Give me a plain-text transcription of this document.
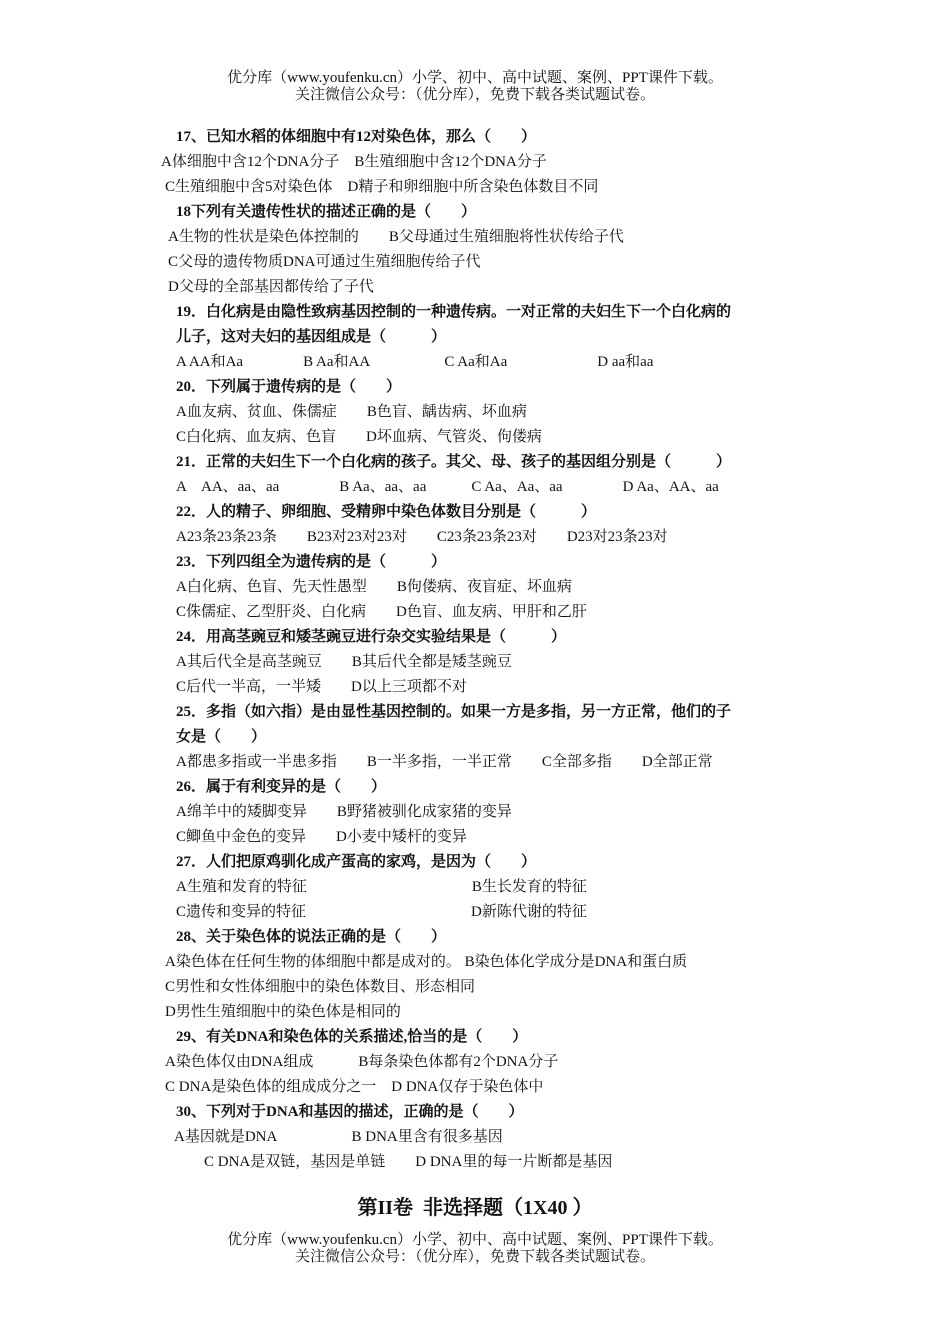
优分库（www.youfenku.cn）小学、初中、高中试题、案例、PPT课件下载。
关注微信公众号：（优分库），免费下载各类试题试卷。
17、已知水稻的体细胞中有12对染色体，那么（　　）
A体细胞中含12个DNA分子　B生殖细胞中含12个DNA分子
C生殖细胞中含5对染色体　D精子和卵细胞中所含染色体数目不同
18下列有关遗传性状的描述正确的是（　　）
A生物的性状是染色体控制的　　B父母通过生殖细胞将性状传给子代
C父母的遗传物质DNA可通过生殖细胞传给子代
D父母的全部基因都传给了子代
19．白化病是由隐性致病基因控制的一种遗传病。一对正常的夫妇生下一个白化病的
儿子，这对夫妇的基因组成是（　　　）
A AA和Aa　　　　B Aa和AA　　　　　C Aa和Aa　　　　　　D aa和aa
20．下列属于遗传病的是（　　）
A血友病、贫血、侏儒症　　B色盲、龋齿病、坏血病
C白化病、血友病、色盲　　D坏血病、气管炎、佝偻病
21．正常的夫妇生下一个白化病的孩子。其父、母、孩子的基因组分别是（　　　）
A　AA、aa、aa　　　　B Aa、aa、aa　　　C Aa、Aa、aa　　　　D Aa、AA、aa
22．人的精子、卵细胞、受精卵中染色体数目分别是（　　　）
A23条23条23条　　B23对23对23对　　C23条23条23对　　D23对23条23对
23．下列四组全为遗传病的是（　　　）
A白化病、色盲、先天性愚型　　B佝偻病、夜盲症、坏血病
C侏儒症、乙型肝炎、白化病　　D色盲、血友病、甲肝和乙肝
24．用高茎豌豆和矮茎豌豆进行杂交实验结果是（　　　）
A其后代全是高茎豌豆　　B其后代全都是矮茎豌豆
C后代一半高，一半矮　　D以上三项都不对
25．多指（如六指）是由显性基因控制的。如果一方是多指，另一方正常，他们的子
女是（　　）
A都患多指或一半患多指　　B一半多指，一半正常　　C全部多指　　D全部正常
26．属于有利变异的是（　　）
A绵羊中的矮脚变异　　B野猪被驯化成家猪的变异
C鲫鱼中金色的变异　　D小麦中矮杆的变异
27．人们把原鸡驯化成产蛋高的家鸡，是因为（　　）
A生殖和发育的特征　　　　　　　　　　　B生长发育的特征
C遗传和变异的特征　　　　　　　　　　　D新陈代谢的特征
28、关于染色体的说法正确的是（　　）
A染色体在任何生物的体细胞中都是成对的。 B染色体化学成分是DNA和蛋白质
C男性和女性体细胞中的染色体数目、形态相同
D男性生殖细胞中的染色体是相同的
29、有关DNA和染色体的关系描述,恰当的是（　　）
A染色体仅由DNA组成　　　B每条染色体都有2个DNA分子
C DNA是染色体的组成成分之一　D DNA仅存于染色体中
30、下列对于DNA和基因的描述，正确的是（　　）
A基因就是DNA　　　　　B DNA里含有很多基因
C DNA是双链，基因是单链　　D DNA里的每一片断都是基因
第II卷  非选择题（1X40 ）
优分库（www.youfenku.cn）小学、初中、高中试题、案例、PPT课件下载。
关注微信公众号：（优分库），免费下载各类试题试卷。
